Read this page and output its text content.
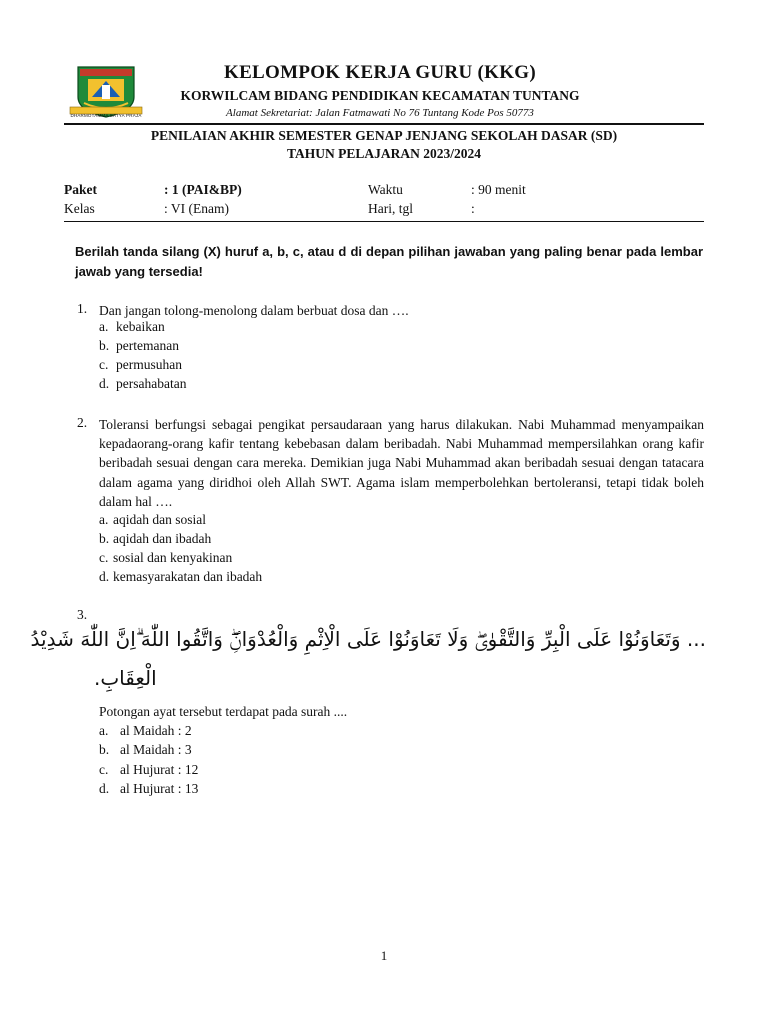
DHARMOTAMMA SATYA PRAJA
KELOMPOK KERJA GURU (KKG)
KORWILCAM BIDANG PENDIDIKAN KECAMATAN TUNTANG
Alamat Sekretariat: Jalan Fatmawati No 76 Tuntang Kode Pos 50773
PENILAIAN AKHIR SEMESTER GENAP JENJANG SEKOLAH DASAR (SD)
TAHUN PELAJARAN 2023/2024
Paket	: 1 (PAI&BP)	Waktu	: 90 menit
Kelas	: VI (Enam)	Hari, tgl	:
Berilah tanda silang (X) huruf a, b, c, atau d di depan pilihan jawaban yang paling benar pada lembar jawab yang tersedia!
1. Dan jangan tolong-menolong dalam berbuat dosa dan ….
a. kebaikan
b. pertemanan
c. permusuhan
d. persahabatan
2. Toleransi berfungsi sebagai pengikat persaudaraan yang harus dilakukan. Nabi Muhammad menyampaikan kepadaorang-orang kafir tentang kebebasan dalam beribadah. Nabi Muhammad mempersilahkan orang kafir beribadah sesuai dengan cara mereka. Demikian juga Nabi Muhammad akan beribadah sesuai dengan tatacara dalam agama yang diridhoi oleh Allah SWT. Agama islam memperbolehkan bertoleransi, tetapi tidak boleh dalam hal ….
a. aqidah dan sosial
b. aqidah dan ibadah
c. sosial dan kenyakinan
d. kemasyarakatan dan ibadah
3.
... وَتَعَاوَنُوْا عَلَى الْبِرِّ وَالتَّقْوٰىۖ وَلَا تَعَاوَنُوْا عَلَى الْاِثْمِ وَالْعُدْوَانِۖ وَاتَّقُوا اللّٰهَ ۗاِنَّ اللّٰهَ شَدِيْدُ
الْعِقَابِ.
Potongan ayat tersebut terdapat pada surah ....
a. al Maidah : 2
b. al Maidah : 3
c. al Hujurat : 12
d. al Hujurat : 13
1
